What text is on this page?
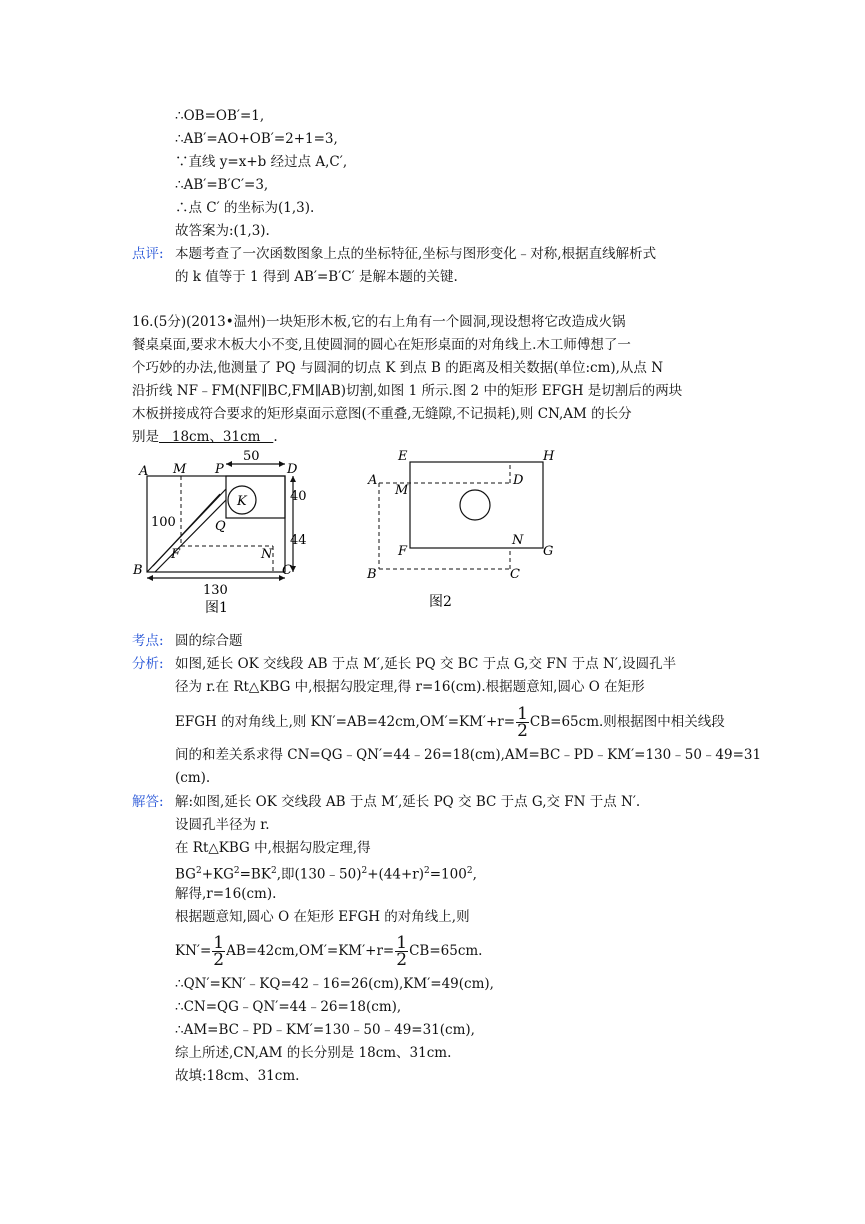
∴OB=OB′=1,
∴AB′=AO+OB′=2+1=3,
∵直线 y=x+b 经过点 A,C′,
∴AB′=B′C′=3,
∴点 C′ 的坐标为(1,3).
故答案为:(1,3).
点评: 本题考查了一次函数图象上点的坐标特征,坐标与图形变化﹣对称,根据直线解析式
的 k 值等于 1 得到 AB′=B′C′ 是解本题的关键.
16.(5分)(2013•温州)一块矩形木板,它的右上角有一个圆洞,现设想将它改造成火锅
餐桌桌面,要求木板大小不变,且使圆洞的圆心在矩形桌面的对角线上.木工师傅想了一
个巧妙的办法,他测量了 PQ 与圆洞的切点 K 到点 B 的距离及相关数据(单位:cm),从点 N
沿折线 NF﹣FM(NF∥BC,FM∥AB)切割,如图 1 所示.图 2 中的矩形 EFGH 是切割后的两块
木板拼接成符合要求的矩形桌面示意图(不重叠,无缝隙,不记损耗),则 CN,AM 的长分
别是   18cm、31cm   .
A M P	D
K
Q
F	N
B	C
50
40
44
100
130
图1
E	H
A
M
D
F
N
G
B	C
图2
考点: 圆的综合题
分析: 如图,延长 OK 交线段 AB 于点 M′,延长 PQ 交 BC 于点 G,交 FN 于点 N′,设圆孔半
径为 r.在 Rt△KBG 中,根据勾股定理,得 r=16(cm).根据题意知,圆心 O 在矩形
EFGH 的对角线上,则 $KN'=AB=42cm,OM'=KM'+r= \frac{1}{2} CB=65cm$.则根据图中相关线段
间的和差关系求得 CN=QG﹣QN′=44﹣26=18(cm),AM=BC﹣PD﹣KM′=130﹣50﹣49=31
(cm).
解答: 解:如图,延长 OK 交线段 AB 于点 M′,延长 PQ 交 BC 于点 G,交 FN 于点 N′.
设圆孔半径为 r.
在 Rt△KBG 中,根据勾股定理,得
$BG^2+KG^2=BK^2$,即$(130﹣50)^2+(44+r)^2=100^2$,
解得,r=16(cm).
根据题意知,圆心 O 在矩形 EFGH 的对角线上,则
$KN'= \frac{1}{2} AB=42cm,OM'=KM'+r= \frac{1}{2} CB=65cm$.
∴QN′=KN′﹣KQ=42﹣16=26(cm),KM′=49(cm),
∴CN=QG﹣QN′=44﹣26=18(cm),
∴AM=BC﹣PD﹣KM′=130﹣50﹣49=31(cm),
综上所述,CN,AM 的长分别是 18cm、31cm.
故填:18cm、31cm.
